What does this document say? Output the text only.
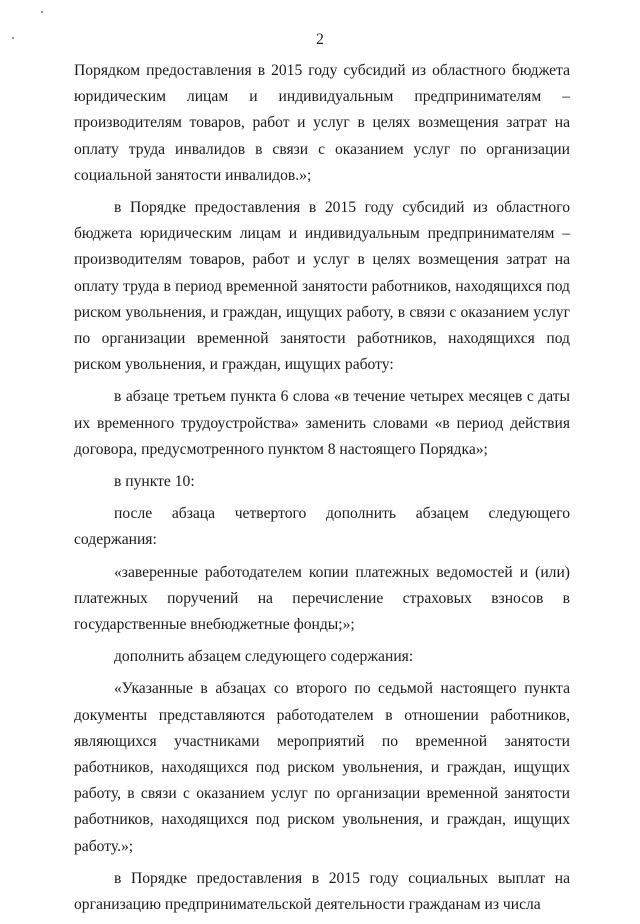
2

Порядком предоставления в 2015 году субсидий из областного бюджета юридическим лицам и индивидуальным предпринимателям – производителям товаров, работ и услуг в целях возмещения затрат на оплату труда инвалидов в связи с оказанием услуг по организации социальной занятости инвалидов.»;

в Порядке предоставления в 2015 году субсидий из областного бюджета юридическим лицам и индивидуальным предпринимателям – производителям товаров, работ и услуг в целях возмещения затрат на оплату труда в период временной занятости работников, находящихся под риском увольнения, и граждан, ищущих работу, в связи с оказанием услуг по организации временной занятости работников, находящихся под риском увольнения, и граждан, ищущих работу:

в абзаце третьем пункта 6 слова «в течение четырех месяцев с даты их временного трудоустройства» заменить словами «в период действия договора, предусмотренного пунктом 8 настоящего Порядка»;

в пункте 10:

после абзаца четвертого дополнить абзацем следующего содержания:

«заверенные работодателем копии платежных ведомостей и (или) платежных поручений на перечисление страховых взносов в государственные внебюджетные фонды;»;

дополнить абзацем следующего содержания:

«Указанные в абзацах со второго по седьмой настоящего пункта документы представляются работодателем в отношении работников, являющихся участниками мероприятий по временной занятости работников, находящихся под риском увольнения, и граждан, ищущих работу, в связи с оказанием услуг по организации временной занятости работников, находящихся под риском увольнения, и граждан, ищущих работу.»;

в Порядке предоставления в 2015 году социальных выплат на организацию предпринимательской деятельности гражданам из числа
